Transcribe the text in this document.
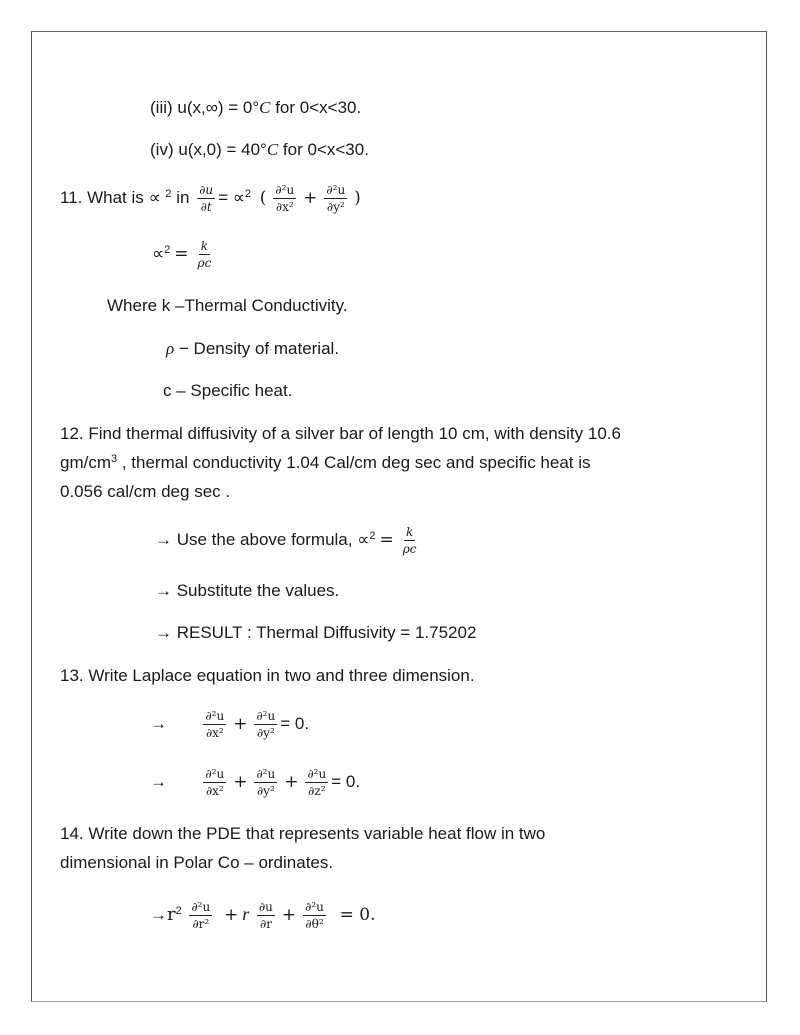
(iii) u(x,∞) = 0°C for 0<x<30.
(iv) u(x,0) = 40°C for 0<x<30.
11. What is ∝ $^2$ in $\frac{\partial u}{\partial t} = \propto^2$ ( $\frac{\text{∂²u}}{\text{∂x²}} + \frac{\text{∂²u}}{\text{∂y²}}$ )
$\propto^2 = \frac{k}{\rho c}$
Where k –Thermal Conductivity.
ρ − Density of material.
c – Specific heat.
12. Find thermal diffusivity of a silver bar of length 10 cm, with density 10.6
$gm/cm^3$ , thermal conductivity 1.04 Cal/cm deg sec and specific heat is
0.056 cal/cm deg sec .
→ Use the above formula, $\propto^2 = \frac{k}{\rho c}$
→ Substitute the values.
→ RESULT : Thermal Diffusivity = 1.75202
13. Write Laplace equation in two and three dimension.
→	$\frac{\text{∂²u}}{\text{∂x²}} + \frac{\text{∂²u}}{\text{∂y²}} = 0$.
→	$\frac{\text{∂²u}}{\text{∂x²}} + \frac{\text{∂²u}}{\text{∂y²}} + \frac{\text{∂²u}}{\text{∂z²}} = 0$.
14. Write down the PDE that represents variable heat flow in two
dimensional in Polar Co – ordinates.
$\to r^2 \frac{\text{∂²u}}{\text{∂r²}} + r \frac{\partial u}{\partial r} + \frac{\text{∂²u}}{\text{∂θ²}} = 0$.
